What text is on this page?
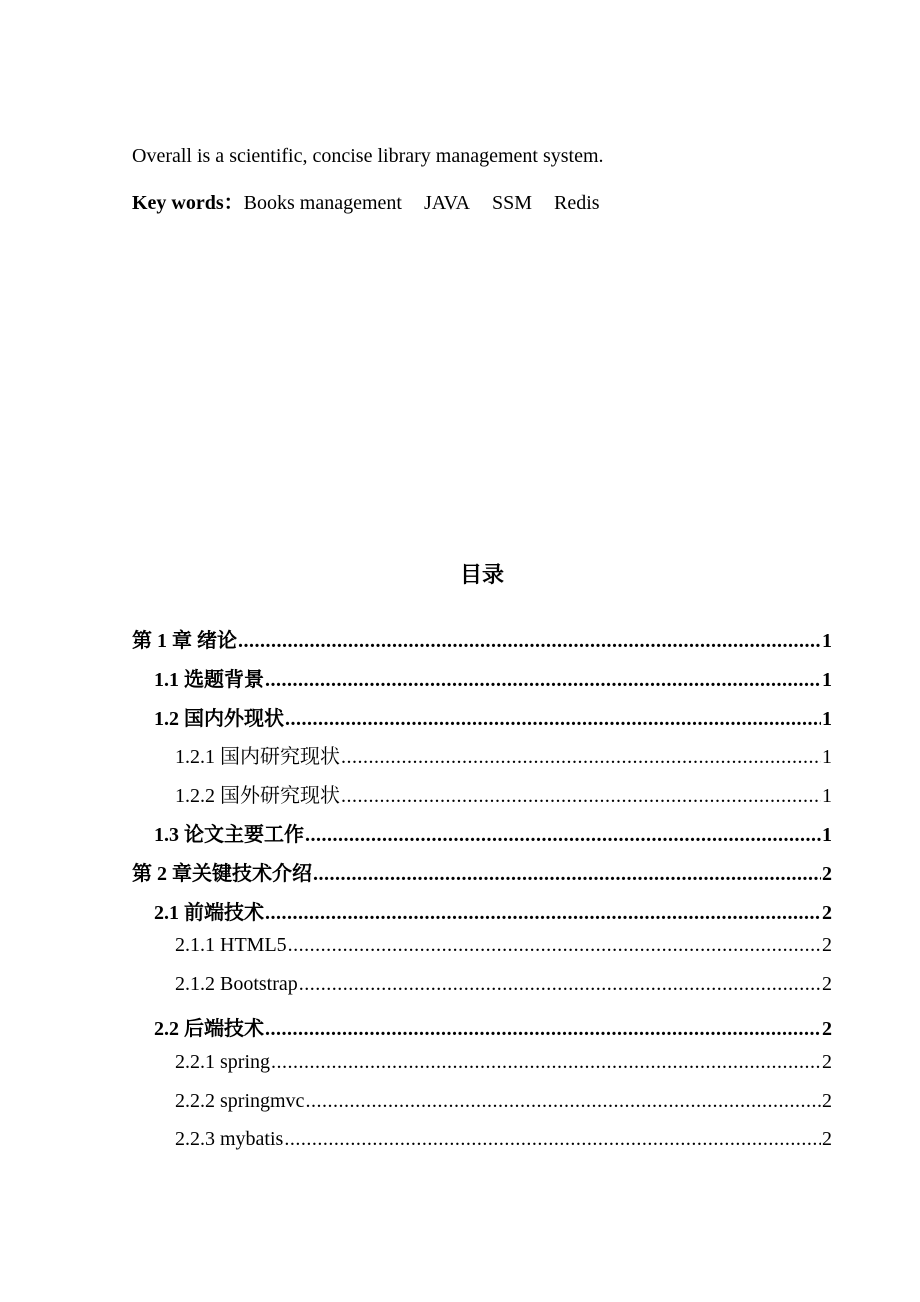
Overall is a scientific, concise library management system.

Key words：Books management JAVA SSM Redis
目录
第 1 章 绪论 .....	1
1.1 选题背景 .....	1
1.2 国内外现状 .....	1
1.2.1 国内研究现状 .....	1
1.2.2 国外研究现状 .....	1
1.3 论文主要工作 .....	1
第 2 章关键技术介绍 .....	2
2.1 前端技术 .....	2
2.1.1 HTML5 .....	2
2.1.2 Bootstrap .....	2
2.2 后端技术 .....	2
2.2.1 spring .....	2
2.2.2 springmvc .....	2
2.2.3 mybatis .....	2
